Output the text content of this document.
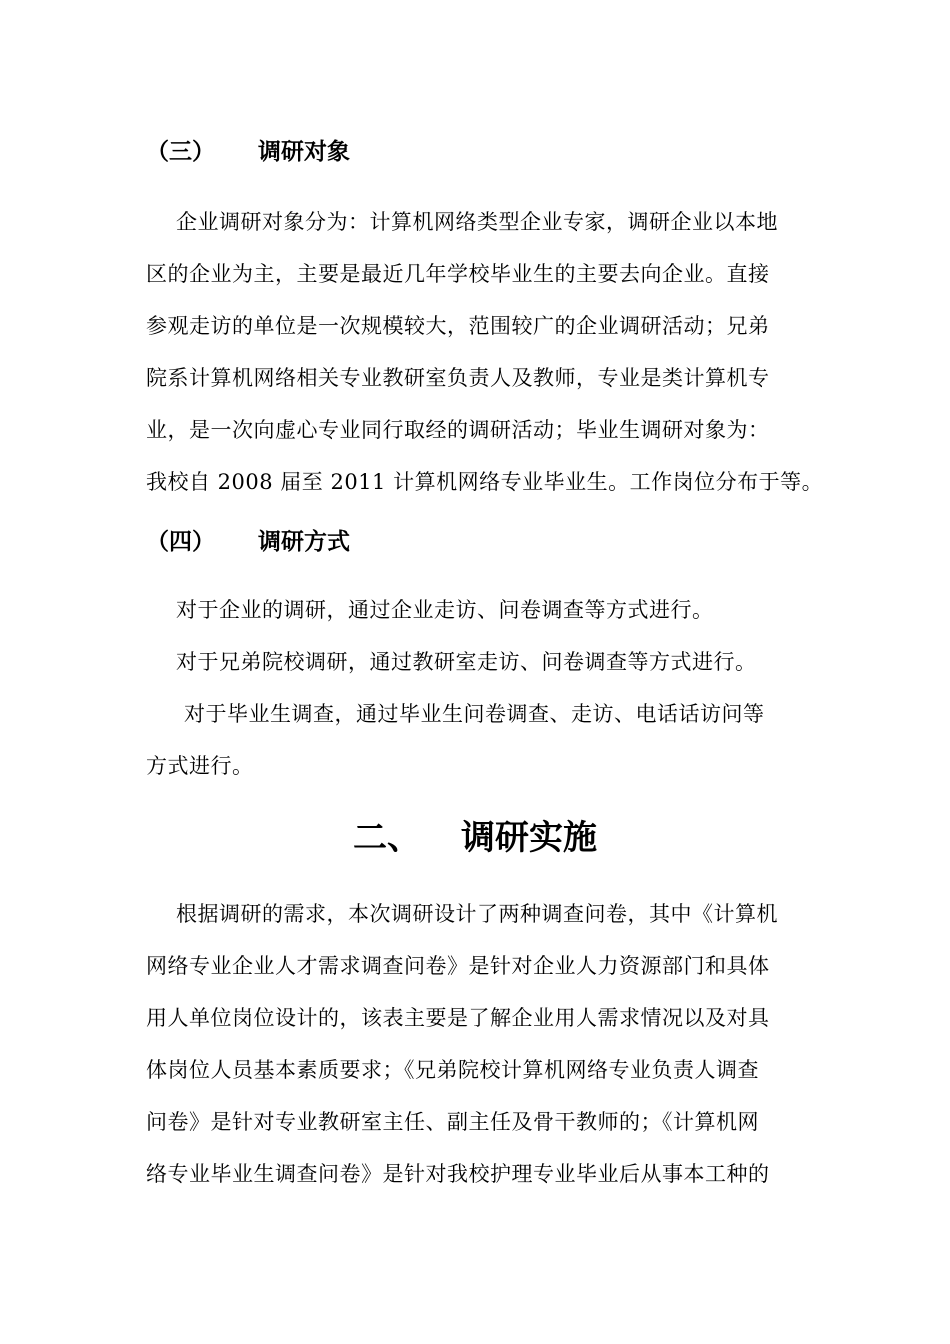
（三） 调研对象
企业调研对象分为：计算机网络类型企业专家，调研企业以本地
区的企业为主，主要是最近几年学校毕业生的主要去向企业。直接
参观走访的单位是一次规模较大，范围较广的企业调研活动；兄弟
院系计算机网络相关专业教研室负责人及教师，专业是类计算机专
业，是一次向虚心专业同行取经的调研活动；毕业生调研对象为：
我校自 2008 届至 2011 计算机网络专业毕业生。工作岗位分布于等。
（四） 调研方式
对于企业的调研，通过企业走访、问卷调查等方式进行。
对于兄弟院校调研，通过教研室走访、问卷调查等方式进行。
对于毕业生调查，通过毕业生问卷调查、走访、电话话访问等
方式进行。
二、 调研实施
根据调研的需求，本次调研设计了两种调查问卷，其中《计算机
网络专业企业人才需求调查问卷》是针对企业人力资源部门和具体
用人单位岗位设计的，该表主要是了解企业用人需求情况以及对具
体岗位人员基本素质要求；《兄弟院校计算机网络专业负责人调查
问卷》是针对专业教研室主任、副主任及骨干教师的；《计算机网
络专业毕业生调查问卷》是针对我校护理专业毕业后从事本工种的
